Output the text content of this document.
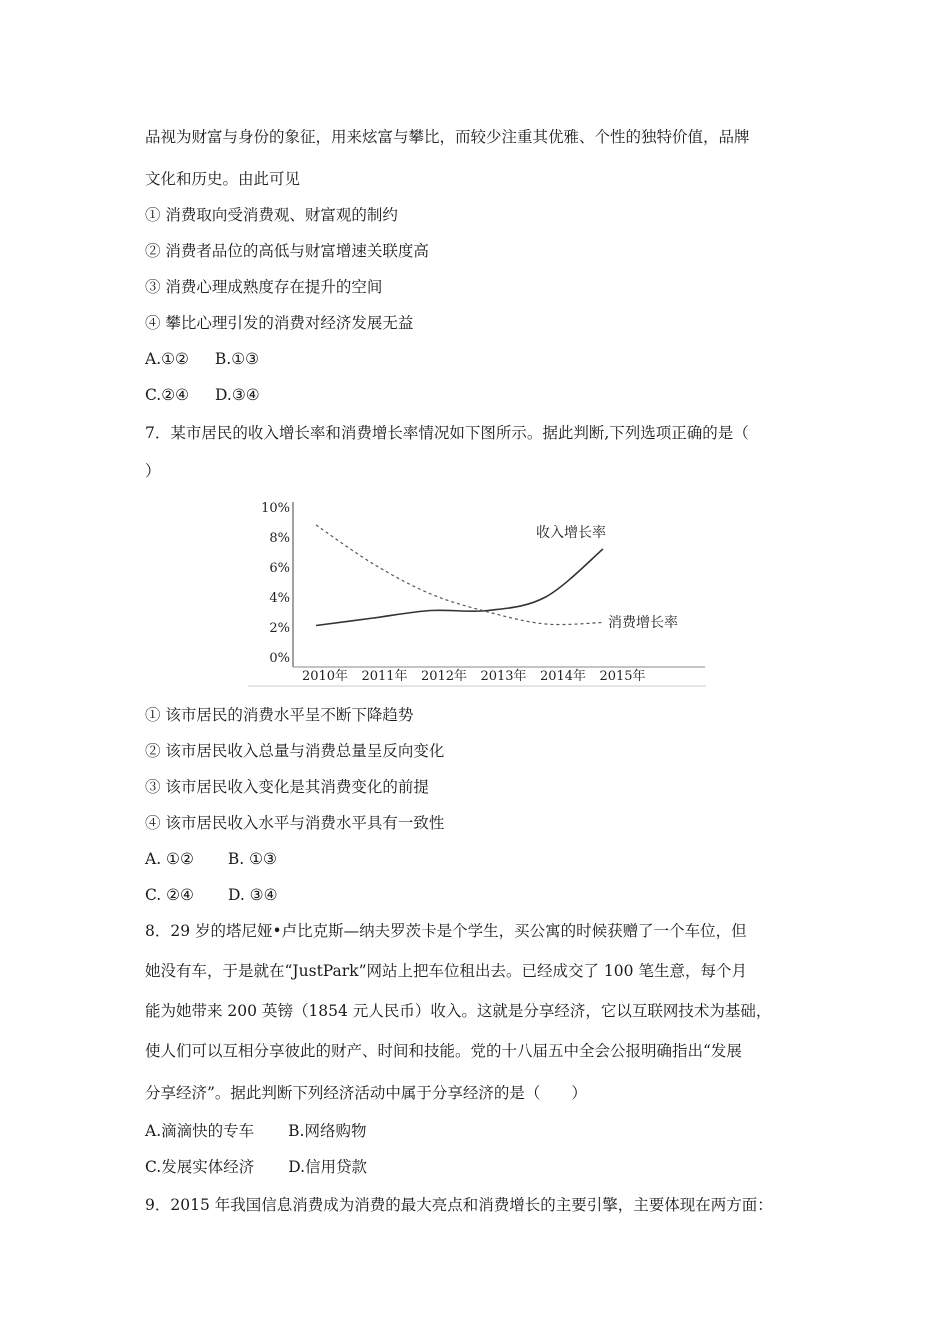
品视为财富与身份的象征，用来炫富与攀比，而较少注重其优雅、个性的独特价值，品牌
文化和历史。由此可见
① 消费取向受消费观、财富观的制约
② 消费者品位的高低与财富增速关联度高
③ 消费心理成熟度存在提升的空间
④ 攀比心理引发的消费对经济发展无益
A.①② B.①③
C.②④ D.③④
7．某市居民的收入增长率和消费增长率情况如下图所示。据此判断,下列选项正确的是（
）
10%
8%
6%
4%
2%
0%
2010年 2011年 2012年 2013年 2014年 2015年
收入增长率
消费增长率
① 该市居民的消费水平呈不断下降趋势
② 该市居民收入总量与消费总量呈反向变化
③ 该市居民收入变化是其消费变化的前提
④ 该市居民收入水平与消费水平具有一致性
A. ①② B. ①③
C. ②④ D. ③④
8．29 岁的塔尼娅•卢比克斯—纳夫罗茨卡是个学生，买公寓的时候获赠了一个车位，但
她没有车，于是就在“JustPark”网站上把车位租出去。已经成交了 100 笔生意，每个月
能为她带来 200 英镑（1854 元人民币）收入。这就是分享经济，它以互联网技术为基础，
使人们可以互相分享彼此的财产、时间和技能。党的十八届五中全会公报明确指出“发展
分享经济”。据此判断下列经济活动中属于分享经济的是（　　）
A.滴滴快的专车 B.网络购物
C.发展实体经济 D.信用贷款
9．2015 年我国信息消费成为消费的最大亮点和消费增长的主要引擎，主要体现在两方面：
